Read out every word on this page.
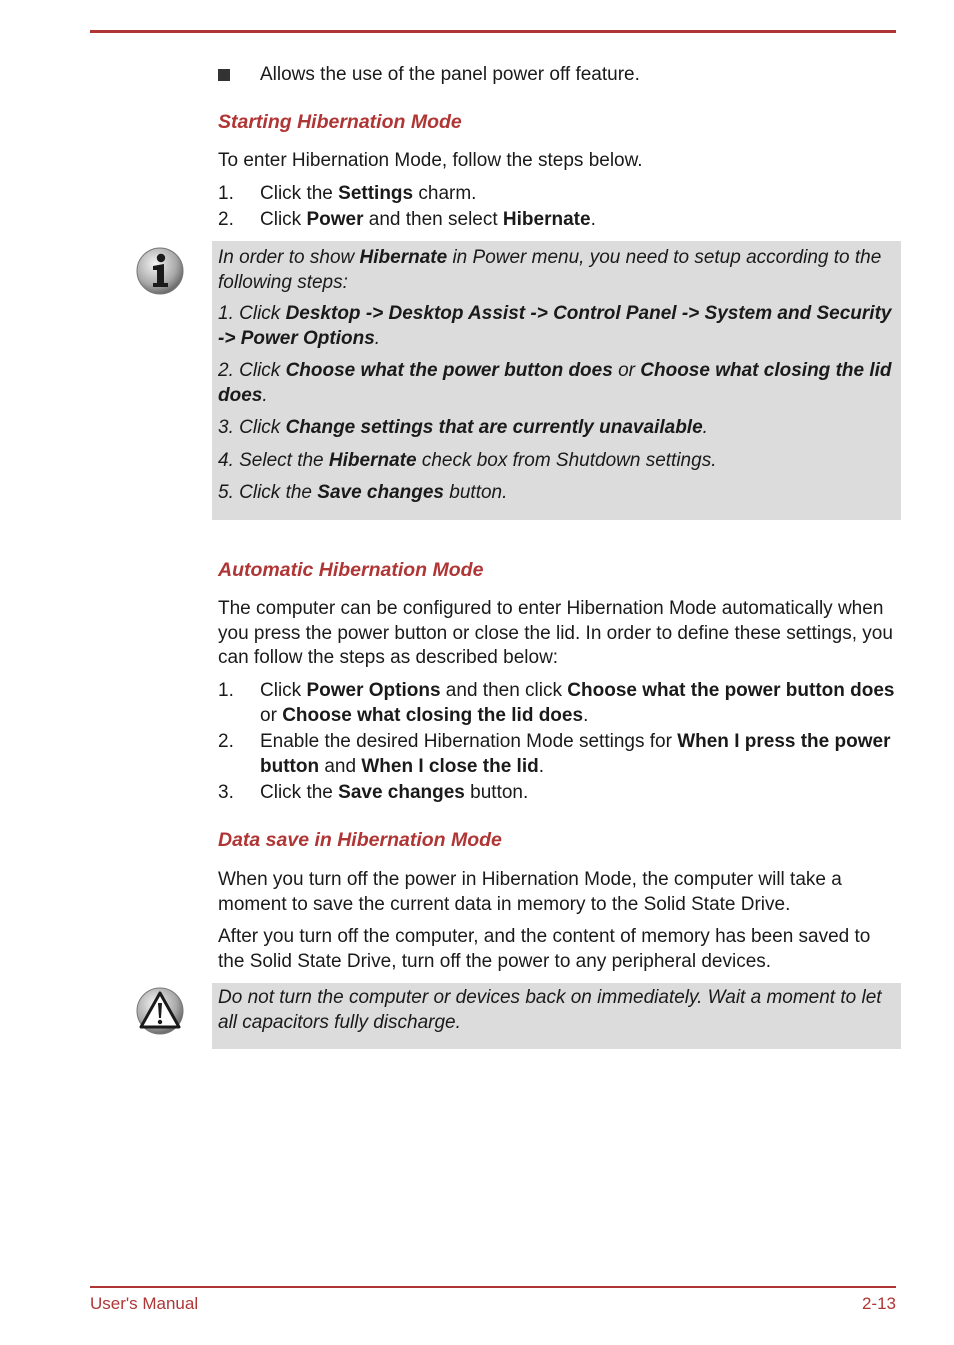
Allows the use of the panel power off feature.
Starting Hibernation Mode
To enter Hibernation Mode, follow the steps below.
1. Click the Settings charm.
2. Click Power and then select Hibernate.
In order to show Hibernate in Power menu, you need to setup according to the following steps:
1. Click Desktop -> Desktop Assist -> Control Panel -> System and Security -> Power Options.
2. Click Choose what the power button does or Choose what closing the lid does.
3. Click Change settings that are currently unavailable.
4. Select the Hibernate check box from Shutdown settings.
5. Click the Save changes button.
Automatic Hibernation Mode
The computer can be configured to enter Hibernation Mode automatically when you press the power button or close the lid. In order to define these settings, you can follow the steps as described below:
1. Click Power Options and then click Choose what the power button does or Choose what closing the lid does.
2. Enable the desired Hibernation Mode settings for When I press the power button and When I close the lid.
3. Click the Save changes button.
Data save in Hibernation Mode
When you turn off the power in Hibernation Mode, the computer will take a moment to save the current data in memory to the Solid State Drive.
After you turn off the computer, and the content of memory has been saved to the Solid State Drive, turn off the power to any peripheral devices.
Do not turn the computer or devices back on immediately. Wait a moment to let all capacitors fully discharge.
User's Manual	2-13
